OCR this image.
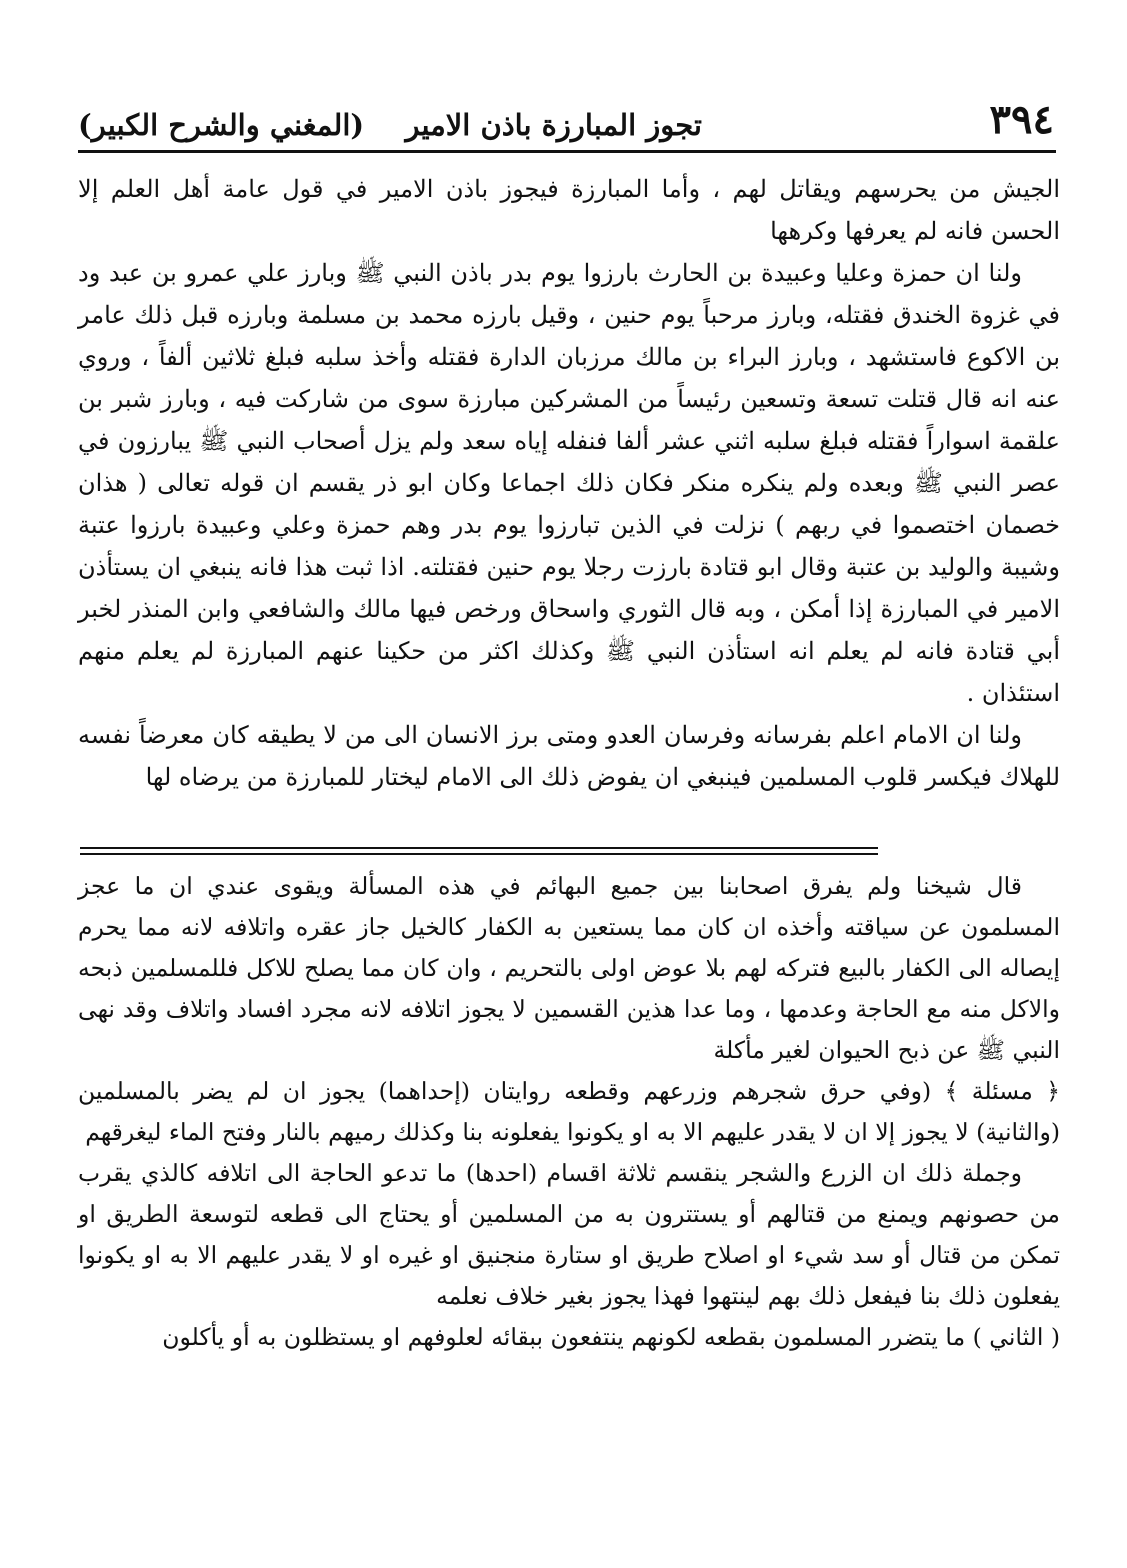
٣٩٤
تجوز المبارزة باذن الامير
(المغني والشرح الكبير)

الجيش من يحرسهم ويقاتل لهم ، وأما المبارزة فيجوز باذن الامير في قول عامة أهل العلم إلا الحسن فانه لم يعرفها وكرهها

ولنا ان حمزة وعليا وعبيدة بن الحارث بارزوا يوم بدر باذن النبي ﷺ وبارز علي عمرو بن عبد ود في غزوة الخندق فقتله، وبارز مرحباً يوم حنين ، وقيل بارزه محمد بن مسلمة وبارزه قبل ذلك عامر بن الاكوع فاستشهد ، وبارز البراء بن مالك مرزبان الدارة فقتله وأخذ سلبه فبلغ ثلاثين ألفاً ، وروي عنه انه قال قتلت تسعة وتسعين رئيساً من المشركين مبارزة سوى من شاركت فيه ، وبارز شبر بن علقمة اسواراً فقتله فبلغ سلبه اثني عشر ألفا فنفله إياه سعد ولم يزل أصحاب النبي ﷺ يبارزون في عصر النبي ﷺ وبعده ولم ينكره منكر فكان ذلك اجماعا وكان ابو ذر يقسم ان قوله تعالى ( هذان خصمان اختصموا في ربهم ) نزلت في الذين تبارزوا يوم بدر وهم حمزة وعلي وعبيدة بارزوا عتبة وشيبة والوليد بن عتبة وقال ابو قتادة بارزت رجلا يوم حنين فقتلته. اذا ثبت هذا فانه ينبغي ان يستأذن الامير في المبارزة إذا أمكن ، وبه قال الثوري واسحاق ورخص فيها مالك والشافعي وابن المنذر لخبر أبي قتادة فانه لم يعلم انه استأذن النبي ﷺ وكذلك اكثر من حكينا عنهم المبارزة لم يعلم منهم استئذان .

ولنا ان الامام اعلم بفرسانه وفرسان العدو ومتى برز الانسان الى من لا يطيقه كان معرضاً نفسه للهلاك فيكسر قلوب المسلمين فينبغي ان يفوض ذلك الى الامام ليختار للمبارزة من يرضاه لها

قال شيخنا ولم يفرق اصحابنا بين جميع البهائم في هذه المسألة ويقوى عندي ان ما عجز المسلمون عن سياقته وأخذه ان كان مما يستعين به الكفار كالخيل جاز عقره واتلافه لانه مما يحرم إيصاله الى الكفار بالبيع فتركه لهم بلا عوض اولى بالتحريم ، وان كان مما يصلح للاكل فللمسلمين ذبحه والاكل منه مع الحاجة وعدمها ، وما عدا هذين القسمين لا يجوز اتلافه لانه مجرد افساد واتلاف وقد نهى النبي ﷺ عن ذبح الحيوان لغير مأكلة

﴿ مسئلة ﴾ (وفي حرق شجرهم وزرعهم وقطعه روايتان (إحداهما) يجوز ان لم يضر بالمسلمين (والثانية) لا يجوز إلا ان لا يقدر عليهم الا به او يكونوا يفعلونه بنا وكذلك رميهم بالنار وفتح الماء ليغرقهم

وجملة ذلك ان الزرع والشجر ينقسم ثلاثة اقسام (احدها) ما تدعو الحاجة الى اتلافه كالذي يقرب من حصونهم ويمنع من قتالهم أو يستترون به من المسلمين أو يحتاج الى قطعه لتوسعة الطريق او تمكن من قتال أو سد شيء او اصلاح طريق او ستارة منجنيق او غيره او لا يقدر عليهم الا به او يكونوا يفعلون ذلك بنا فيفعل ذلك بهم لينتهوا فهذا يجوز بغير خلاف نعلمه

( الثاني ) ما يتضرر المسلمون بقطعه لكونهم ينتفعون ببقائه لعلوفهم او يستظلون به أو يأكلون
